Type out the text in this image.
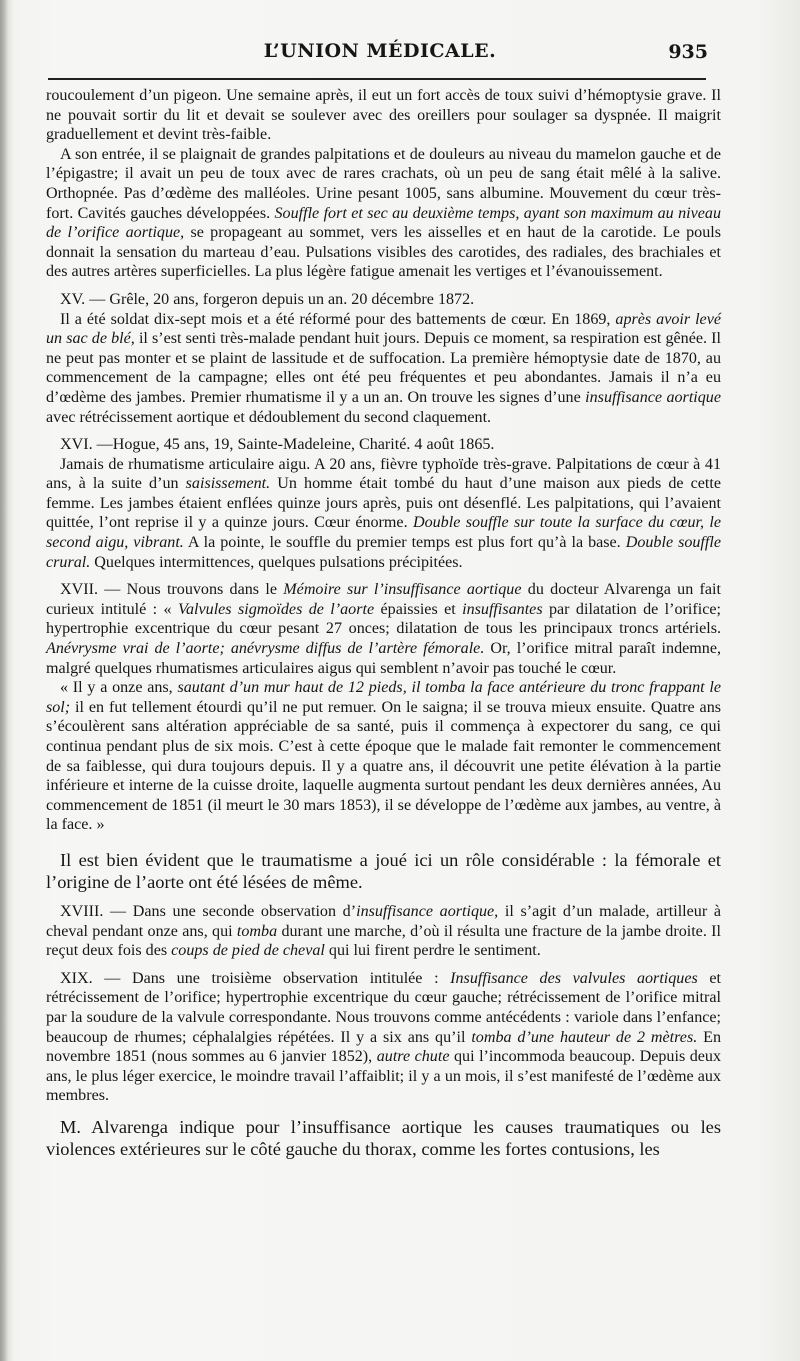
L’UNION MÉDICALE.	935

roucoulement d’un pigeon. Une semaine après, il eut un fort accès de toux suivi d’hémoptysie grave. Il ne pouvait sortir du lit et devait se soulever avec des oreillers pour soulager sa dyspnée. Il maigrit graduellement et devint très-faible.

A son entrée, il se plaignait de grandes palpitations et de douleurs au niveau du mamelon gauche et de l’épigastre; il avait un peu de toux avec de rares crachats, où un peu de sang était mêlé à la salive. Orthopnée. Pas d’œdème des malléoles. Urine pesant 1005, sans albumine. Mouvement du cœur très-fort. Cavités gauches développées. Souffle fort et sec au deuxième temps, ayant son maximum au niveau de l’orifice aortique, se propageant au sommet, vers les aisselles et en haut de la carotide. Le pouls donnait la sensation du marteau d’eau. Pulsations visibles des carotides, des radiales, des brachiales et des autres artères superficielles. La plus légère fatigue amenait les vertiges et l’évanouissement.

XV. — Grêle, 20 ans, forgeron depuis un an. 20 décembre 1872.

Il a été soldat dix-sept mois et a été réformé pour des battements de cœur. En 1869, après avoir levé un sac de blé, il s’est senti très-malade pendant huit jours. Depuis ce moment, sa respiration est gênée. Il ne peut pas monter et se plaint de lassitude et de suffocation. La première hémoptysie date de 1870, au commencement de la campagne; elles ont été peu fréquentes et peu abondantes. Jamais il n’a eu d’œdème des jambes. Premier rhumatisme il y a un an. On trouve les signes d’une insuffisance aortique avec rétrécissement aortique et dédoublement du second claquement.

XVI. —Hogue, 45 ans, 19, Sainte-Madeleine, Charité. 4 août 1865.

Jamais de rhumatisme articulaire aigu. A 20 ans, fièvre typhoïde très-grave. Palpitations de cœur à 41 ans, à la suite d’un saisissement. Un homme était tombé du haut d’une maison aux pieds de cette femme. Les jambes étaient enflées quinze jours après, puis ont désenflé. Les palpitations, qui l’avaient quittée, l’ont reprise il y a quinze jours. Cœur énorme. Double souffle sur toute la surface du cœur, le second aigu, vibrant. A la pointe, le souffle du premier temps est plus fort qu’à la base. Double souffle crural. Quelques intermittences, quelques pulsations précipitées.

XVII. — Nous trouvons dans le Mémoire sur l’insuffisance aortique du docteur Alvarenga un fait curieux intitulé : « Valvules sigmoïdes de l’aorte épaissies et insuffisantes par dilatation de l’orifice; hypertrophie excentrique du cœur pesant 27 onces; dilatation de tous les principaux troncs artériels. Anévrysme vrai de l’aorte; anévrysme diffus de l’artère fémorale. Or, l’orifice mitral paraît indemne, malgré quelques rhumatismes articulaires aigus qui semblent n’avoir pas touché le cœur.

« Il y a onze ans, sautant d’un mur haut de 12 pieds, il tomba la face antérieure du tronc frappant le sol; il en fut tellement étourdi qu’il ne put remuer. On le saigna; il se trouva mieux ensuite. Quatre ans s’écoulèrent sans altération appréciable de sa santé, puis il commença à expectorer du sang, ce qui continua pendant plus de six mois. C’est à cette époque que le malade fait remonter le commencement de sa faiblesse, qui dura toujours depuis. Il y a quatre ans, il découvrit une petite élévation à la partie inférieure et interne de la cuisse droite, laquelle augmenta surtout pendant les deux dernières années, Au commencement de 1851 (il meurt le 30 mars 1853), il se développe de l’œdème aux jambes, au ventre, à la face. »

Il est bien évident que le traumatisme a joué ici un rôle considérable : la fémorale et l’origine de l’aorte ont été lésées de même.

XVIII. — Dans une seconde observation d’insuffisance aortique, il s’agit d’un malade, artilleur à cheval pendant onze ans, qui tomba durant une marche, d’où il résulta une fracture de la jambe droite. Il reçut deux fois des coups de pied de cheval qui lui firent perdre le sentiment.

XIX. — Dans une troisième observation intitulée : Insuffisance des valvules aortiques et rétrécissement de l’orifice; hypertrophie excentrique du cœur gauche; rétrécissement de l’orifice mitral par la soudure de la valvule correspondante. Nous trouvons comme antécédents : variole dans l’enfance; beaucoup de rhumes; céphalalgies répétées. Il y a six ans qu’il tomba d’une hauteur de 2 mètres. En novembre 1851 (nous sommes au 6 janvier 1852), autre chute qui l’incommoda beaucoup. Depuis deux ans, le plus léger exercice, le moindre travail l’affaiblit; il y a un mois, il s’est manifesté de l’œdème aux membres.

M. Alvarenga indique pour l’insuffisance aortique les causes traumatiques ou les violences extérieures sur le côté gauche du thorax, comme les fortes contusions, les
